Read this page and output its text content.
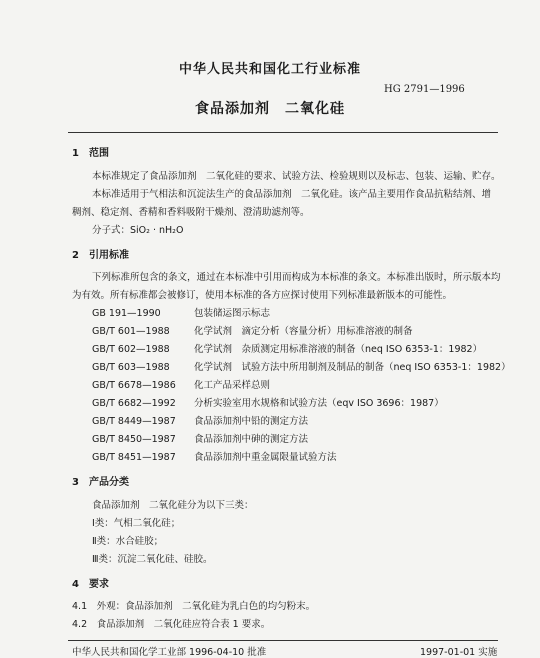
中华人民共和国化工行业标准
HG 2791—1996
食品添加剂　二氧化硅
1　范围
本标准规定了食品添加剂　二氧化硅的要求、试验方法、检验规则以及标志、包装、运输、贮存。
本标准适用于气相法和沉淀法生产的食品添加剂　二氧化硅。该产品主要用作食品抗粘结剂、增
稠剂、稳定剂、香精和香料吸附干燥剂、澄清助滤剂等。
分子式：SiO₂ · nH₂O
2　引用标准
下列标准所包含的条文，通过在本标准中引用而构成为本标准的条文。本标准出版时，所示版本均
为有效。所有标准都会被修订，使用本标准的各方应探讨使用下列标准最新版本的可能性。
GB 191—1990	包装储运图示标志
GB/T 601—1988	化学试剂　滴定分析（容量分析）用标准溶液的制备
GB/T 602—1988	化学试剂　杂质测定用标准溶液的制备（neq ISO 6353-1：1982）
GB/T 603—1988	化学试剂　试验方法中所用制剂及制品的制备（neq ISO 6353-1：1982）
GB/T 6678—1986 化工产品采样总则
GB/T 6682—1992 分析实验室用水规格和试验方法（eqv ISO 3696：1987）
GB/T 8449—1987 食品添加剂中铅的测定方法
GB/T 8450—1987 食品添加剂中砷的测定方法
GB/T 8451—1987 食品添加剂中重金属限量试验方法
3　产品分类
食品添加剂　二氧化硅分为以下三类：
Ⅰ类：气相二氧化硅；
Ⅱ类：水合硅胶；
Ⅲ类：沉淀二氧化硅、硅胶。
4　要求
4.1　外观：食品添加剂　二氧化硅为乳白色的均匀粉末。
4.2　食品添加剂　二氧化硅应符合表 1 要求。
中华人民共和国化学工业部 1996-04-10 批准	1997-01-01 实施
